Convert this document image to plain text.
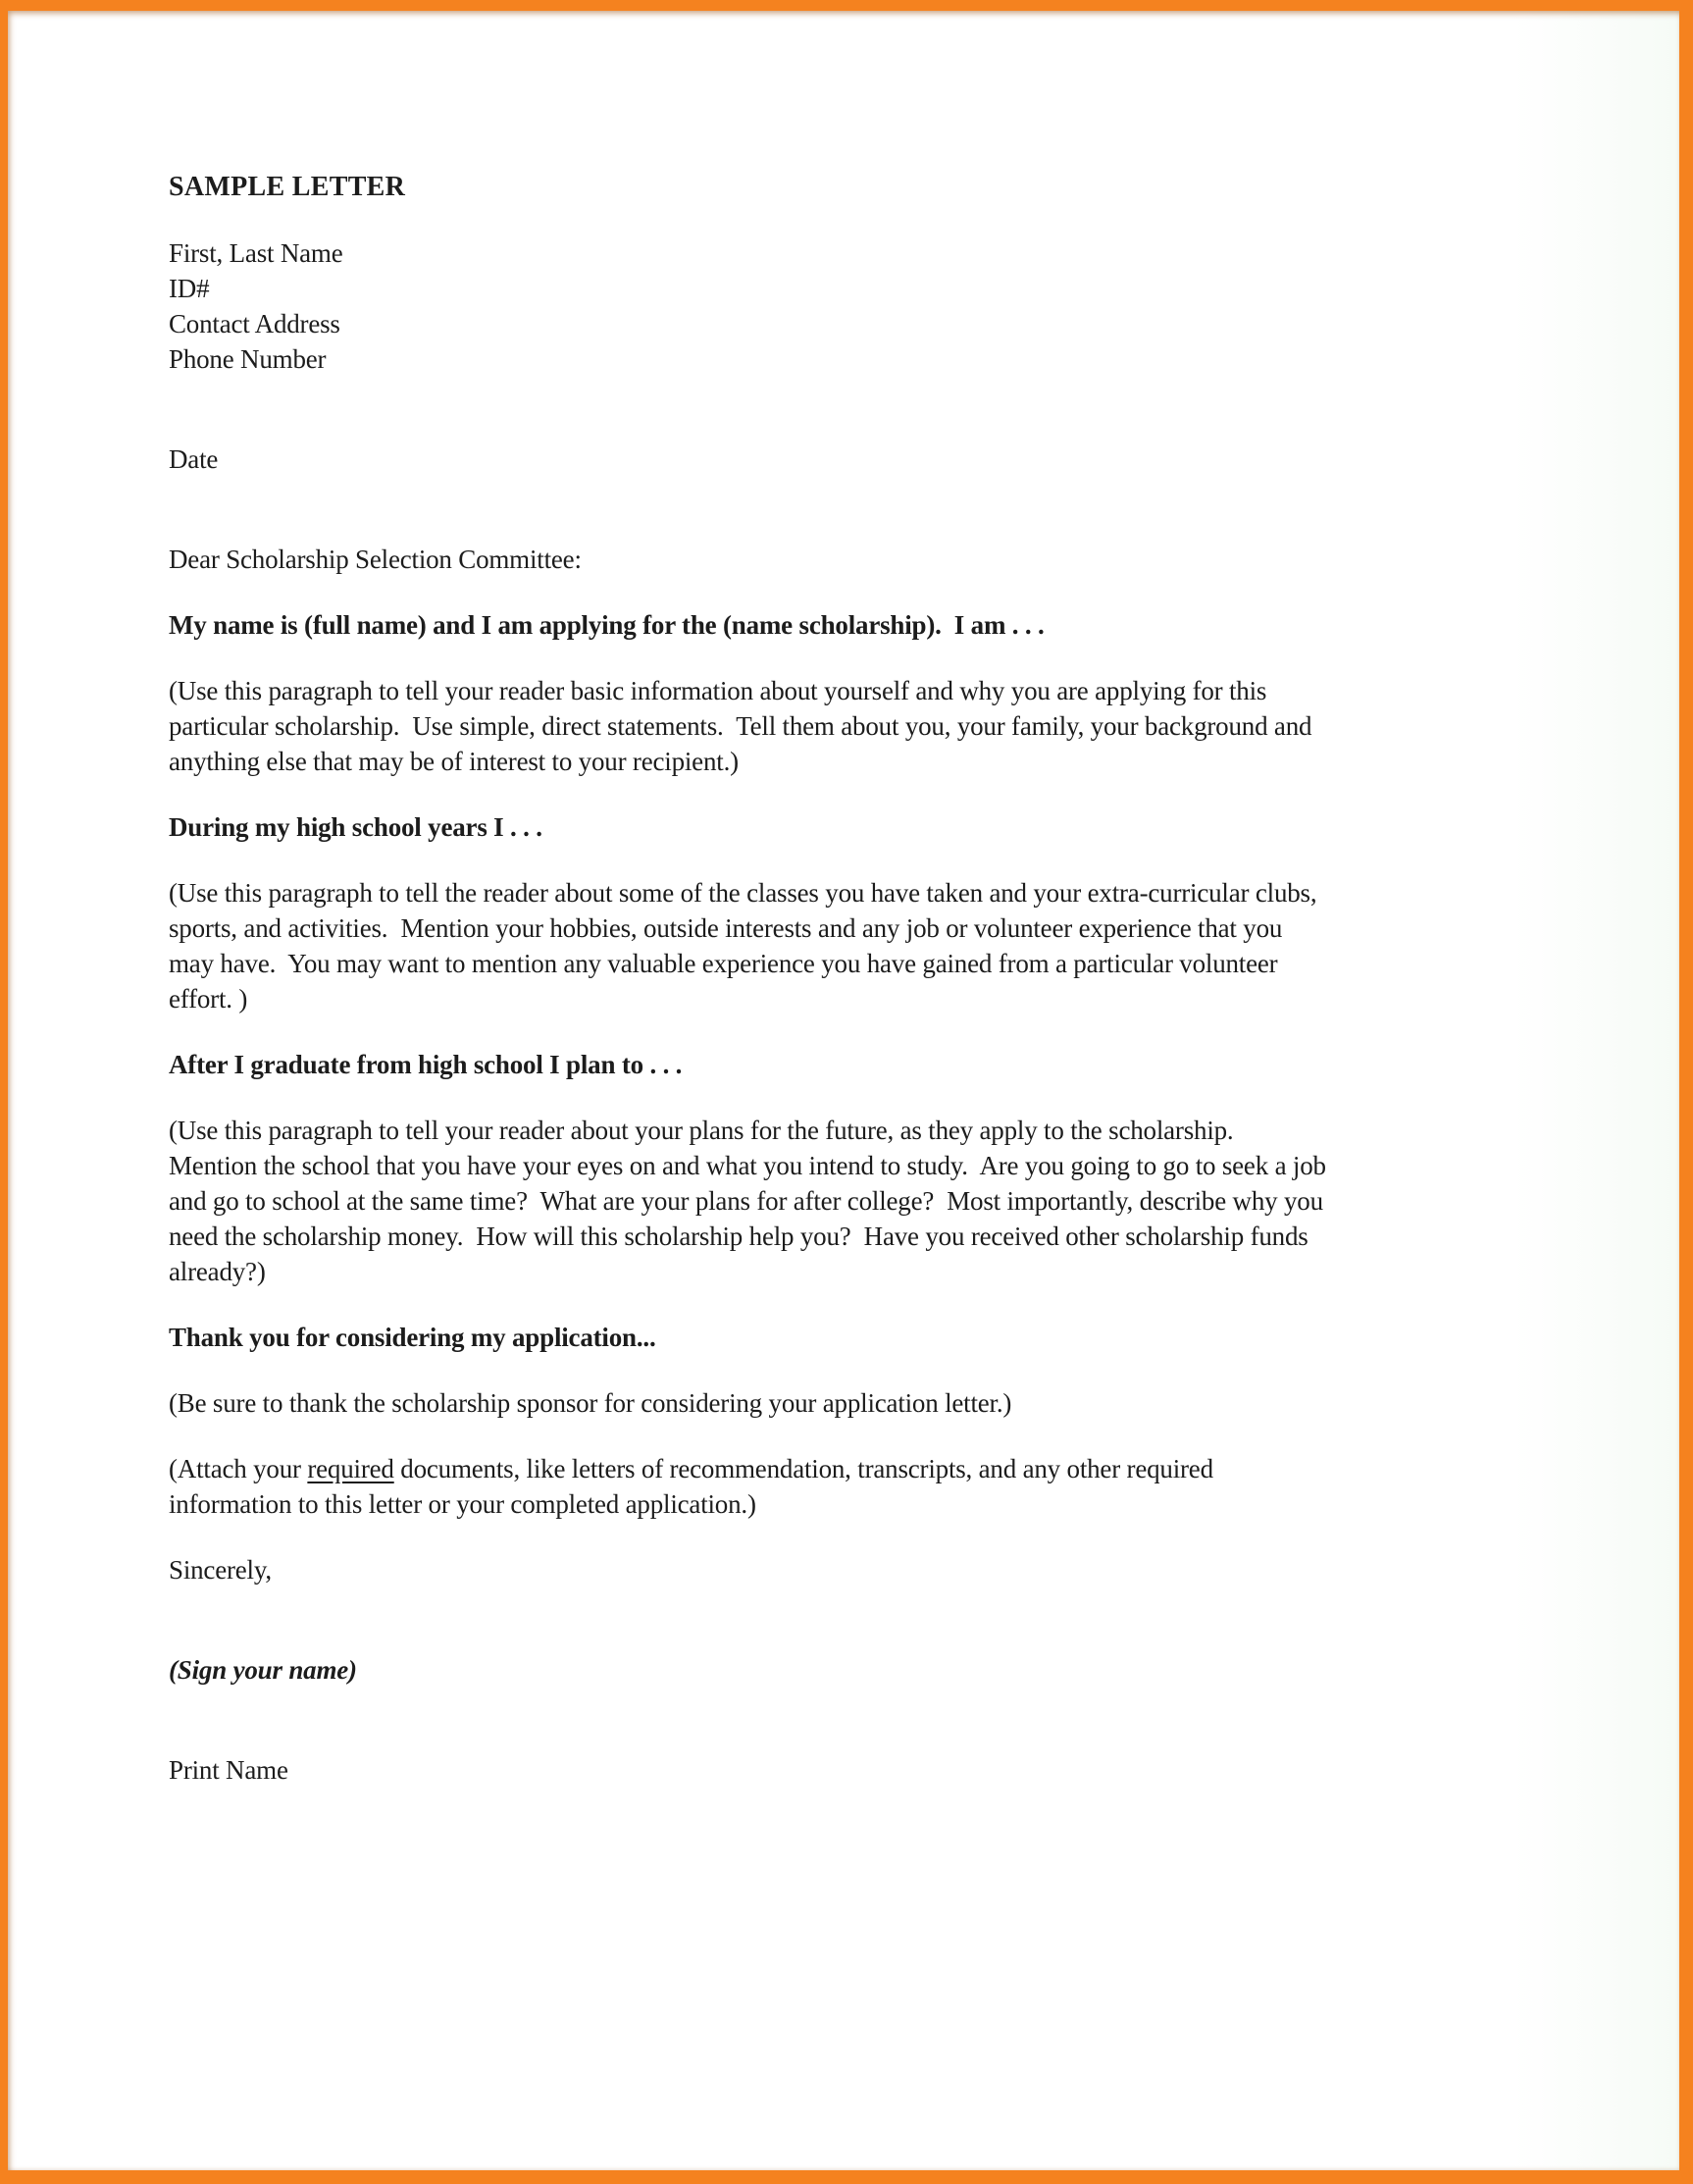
SAMPLE LETTER
First, Last Name
ID#
Contact Address
Phone Number
Date
Dear Scholarship Selection Committee:
My name is (full name) and I am applying for the (name scholarship).  I am . . .
(Use this paragraph to tell your reader basic information about yourself and why you are applying for this
particular scholarship.  Use simple, direct statements.  Tell them about you, your family, your background and
anything else that may be of interest to your recipient.)
During my high school years I . . .
(Use this paragraph to tell the reader about some of the classes you have taken and your extra-curricular clubs,
sports, and activities.  Mention your hobbies, outside interests and any job or volunteer experience that you
may have.  You may want to mention any valuable experience you have gained from a particular volunteer
effort. )
After I graduate from high school I plan to . . .
(Use this paragraph to tell your reader about your plans for the future, as they apply to the scholarship.
Mention the school that you have your eyes on and what you intend to study.  Are you going to go to seek a job
and go to school at the same time?  What are your plans for after college?  Most importantly, describe why you
need the scholarship money.  How will this scholarship help you?  Have you received other scholarship funds
already?)
Thank you for considering my application...
(Be sure to thank the scholarship sponsor for considering your application letter.)
(Attach your required documents, like letters of recommendation, transcripts, and any other required
information to this letter or your completed application.)
Sincerely,
(Sign your name)
Print Name
